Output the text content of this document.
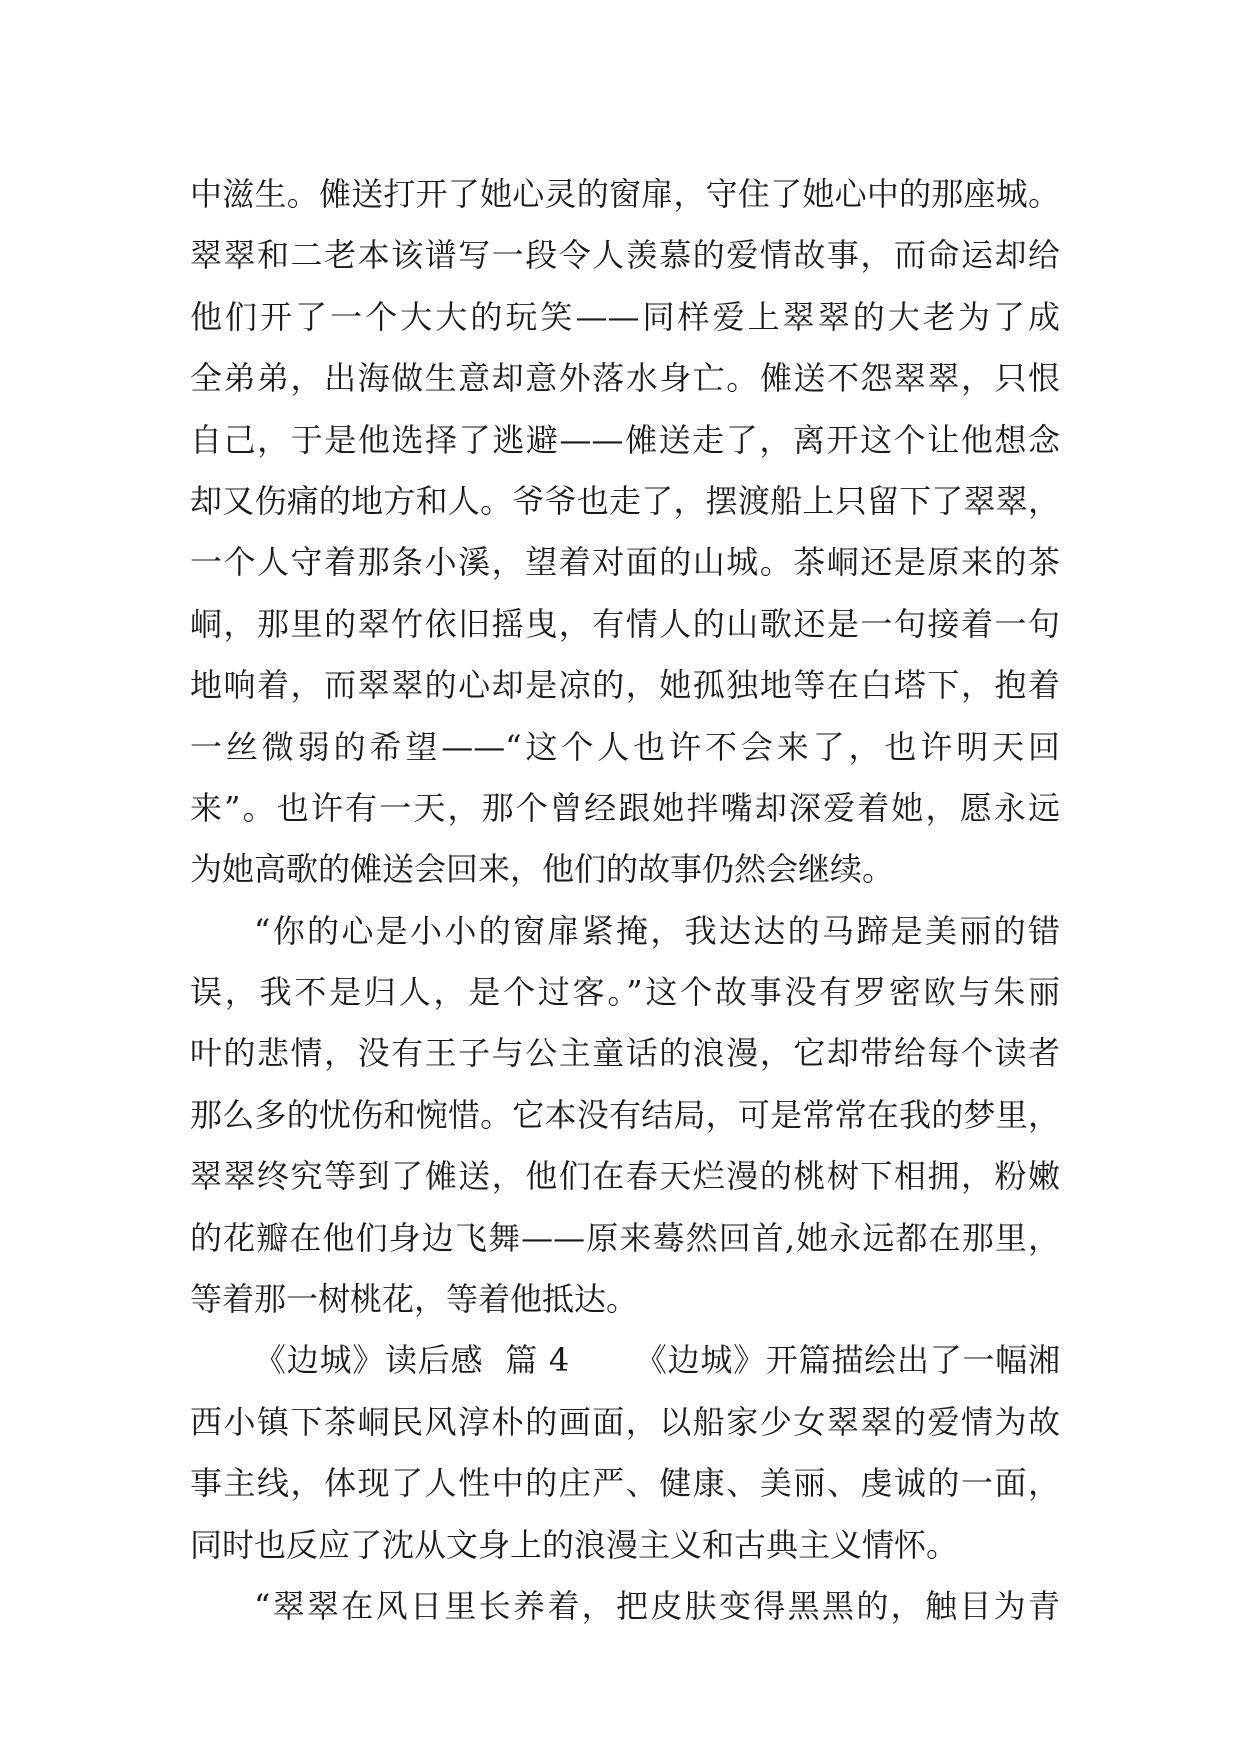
中滋生。傩送打开了她心灵的窗扉，守住了她心中的那座城。
翠翠和二老本该谱写一段令人羡慕的爱情故事，而命运却给
他们开了一个大大的玩笑——同样爱上翠翠的大老为了成
全弟弟，出海做生意却意外落水身亡。傩送不怨翠翠，只恨
自己，于是他选择了逃避——傩送走了，离开这个让他想念
却又伤痛的地方和人。爷爷也走了，摆渡船上只留下了翠翠，
一个人守着那条小溪，望着对面的山城。茶峒还是原来的茶
峒，那里的翠竹依旧摇曳，有情人的山歌还是一句接着一句
地响着，而翠翠的心却是凉的，她孤独地等在白塔下，抱着
一丝微弱的希望——“这个人也许不会来了，也许明天回
来”。也许有一天，那个曾经跟她拌嘴却深爱着她，愿永远
为她高歌的傩送会回来，他们的故事仍然会继续。
“你的心是小小的窗扉紧掩，我达达的马蹄是美丽的错
误，我不是归人，是个过客。”这个故事没有罗密欧与朱丽
叶的悲情，没有王子与公主童话的浪漫，它却带给每个读者
那么多的忧伤和惋惜。它本没有结局，可是常常在我的梦里，
翠翠终究等到了傩送，他们在春天烂漫的桃树下相拥，粉嫩
的花瓣在他们身边飞舞——原来蓦然回首,她永远都在那里，
等着那一树桃花，等着他抵达。
《边城》读后感  篇 4      《边城》开篇描绘出了一幅湘
西小镇下茶峒民风淳朴的画面，以船家少女翠翠的爱情为故
事主线，体现了人性中的庄严、健康、美丽、虔诚的一面，
同时也反应了沈从文身上的浪漫主义和古典主义情怀。
“翠翠在风日里长养着，把皮肤变得黑黑的，触目为青
